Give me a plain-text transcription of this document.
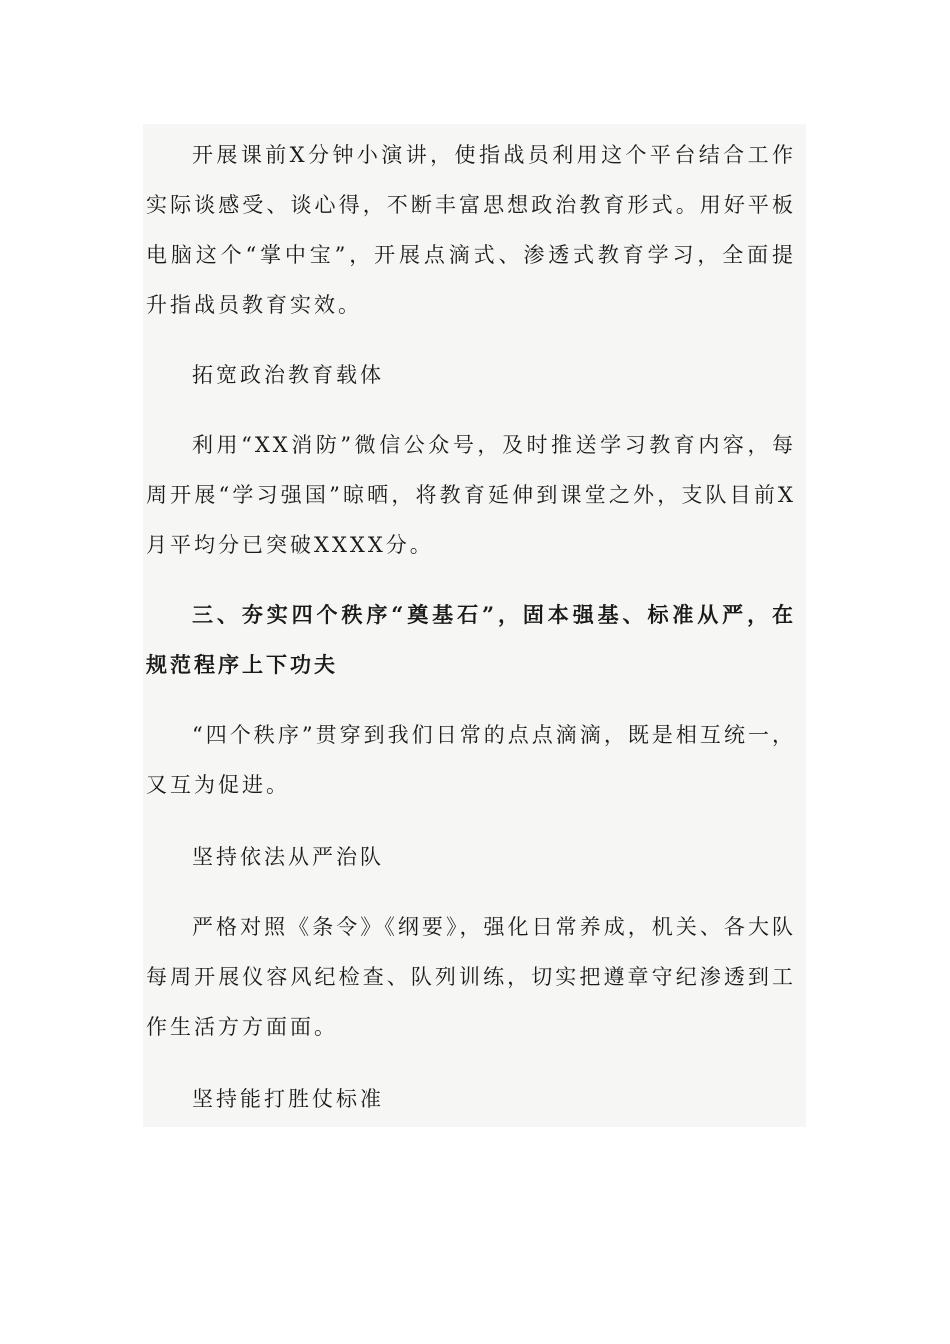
开展课前X分钟小演讲，使指战员利用这个平台结合工作实际谈感受、谈心得，不断丰富思想政治教育形式。用好平板电脑这个“掌中宝”，开展点滴式、渗透式教育学习，全面提升指战员教育实效。

拓宽政治教育载体

利用“XX消防”微信公众号，及时推送学习教育内容，每周开展“学习强国”晾晒，将教育延伸到课堂之外，支队目前X月平均分已突破XXXX分。

三、夯实四个秩序“奠基石”，固本强基、标准从严，在规范程序上下功夫

“四个秩序”贯穿到我们日常的点点滴滴，既是相互统一，又互为促进。

坚持依法从严治队

严格对照《条令》《纲要》，强化日常养成，机关、各大队每周开展仪容风纪检查、队列训练，切实把遵章守纪渗透到工作生活方方面面。

坚持能打胜仗标准
